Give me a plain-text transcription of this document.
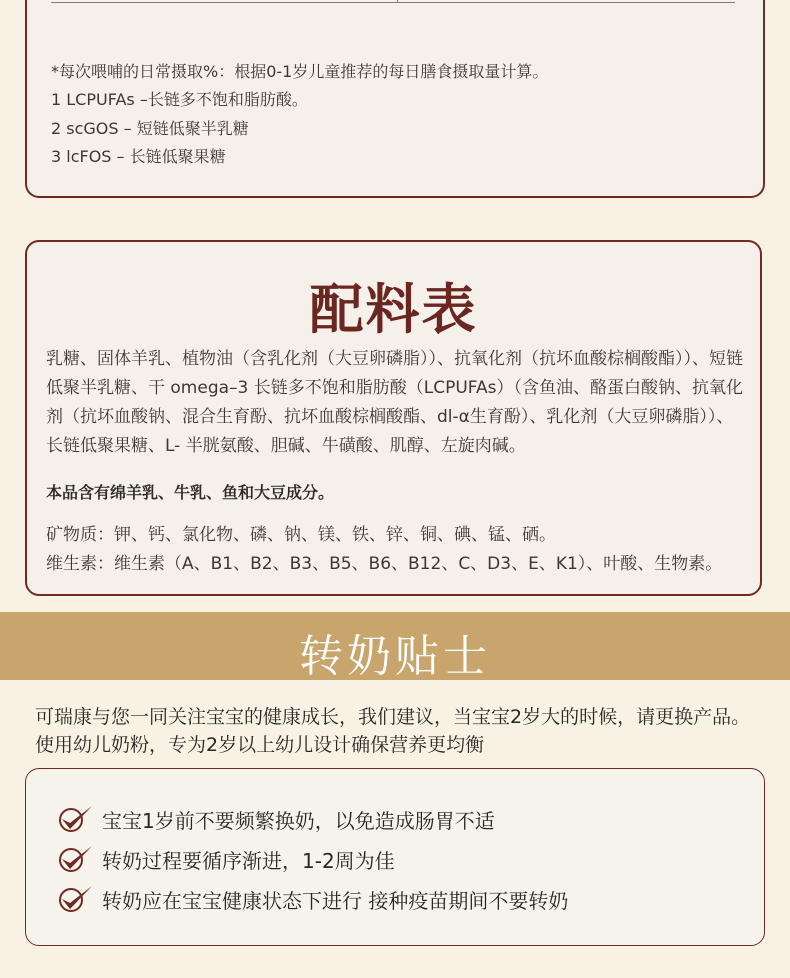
*每次喂哺的日常摄取%：根据0-1岁儿童推荐的每日膳食摄取量计算。
1 LCPUFAs –长链多不饱和脂肪酸。
2 scGOS – 短链低聚半乳糖
3 lcFOS – 长链低聚果糖
配料表
乳糖、固体羊乳、植物油（含乳化剂（大豆卵磷脂））、抗氧化剂（抗坏血酸棕榈酸酯））、短链低聚半乳糖、干 omega–3 长链多不饱和脂肪酸（LCPUFAs）（含鱼油、酪蛋白酸钠、抗氧化剂（抗坏血酸钠、混合生育酚、抗坏血酸棕榈酸酯、dl-α生育酚）、乳化剂（大豆卵磷脂））、长链低聚果糖、L- 半胱氨酸、胆碱、牛磺酸、肌醇、左旋肉碱。
本品含有绵羊乳、牛乳、鱼和大豆成分。
矿物质：钾、钙、氯化物、磷、钠、镁、铁、锌、铜、碘、锰、硒。
维生素：维生素（A、B1、B2、B3、B5、B6、B12、C、D3、E、K1）、叶酸、生物素。
转奶贴士
可瑞康与您一同关注宝宝的健康成长，我们建议，当宝宝2岁大的时候，请更换产品。使用幼儿奶粉，专为2岁以上幼儿设计确保营养更均衡
宝宝1岁前不要频繁换奶，以免造成肠胃不适
转奶过程要循序渐进，1-2周为佳
转奶应在宝宝健康状态下进行 接种疫苗期间不要转奶
